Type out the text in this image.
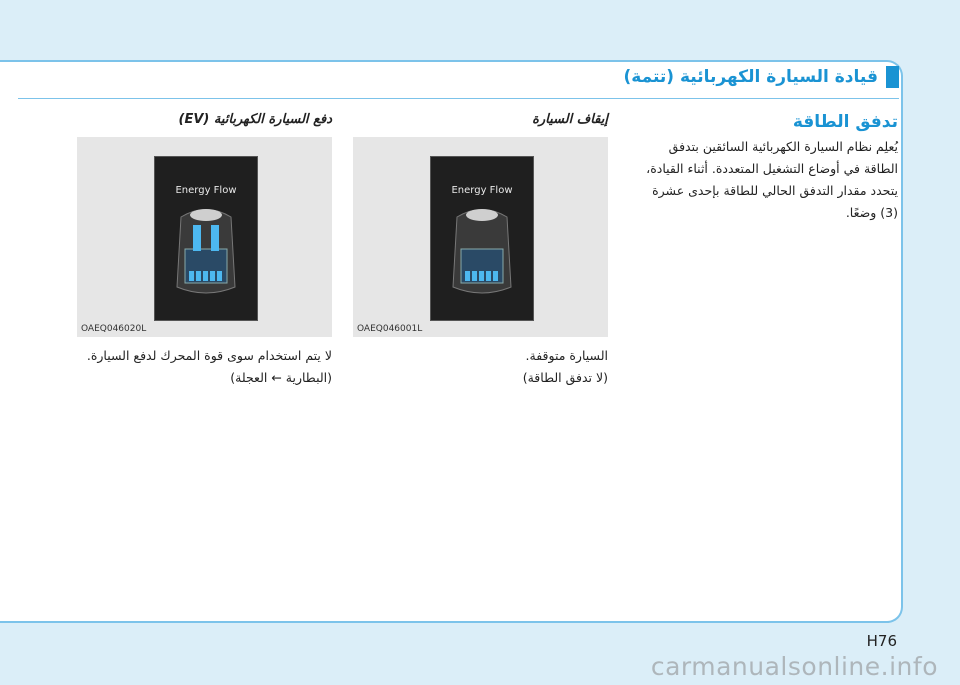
قيادة السيارة الكهربائية (تتمة)
تدفق الطاقة
يُعلِم نظام السيارة الكهربائية السائقين بتدفق
الطاقة في أوضاع التشغيل المتعددة. أثناء القيادة،
يتحدد مقدار التدفق الحالي للطاقة بإحدى عشرة
(3) وضعًا.
إيقاف السيارة
Energy Flow
OAEQ046001L
السيارة متوقفة.
(لا تدفق الطاقة)
دفع السيارة الكهربائية (EV)
Energy Flow
OAEQ046020L
لا يتم استخدام سوى قوة المحرك لدفع السيارة.
(البطارية ← العجلة)
H76
carmanualsonline.info
